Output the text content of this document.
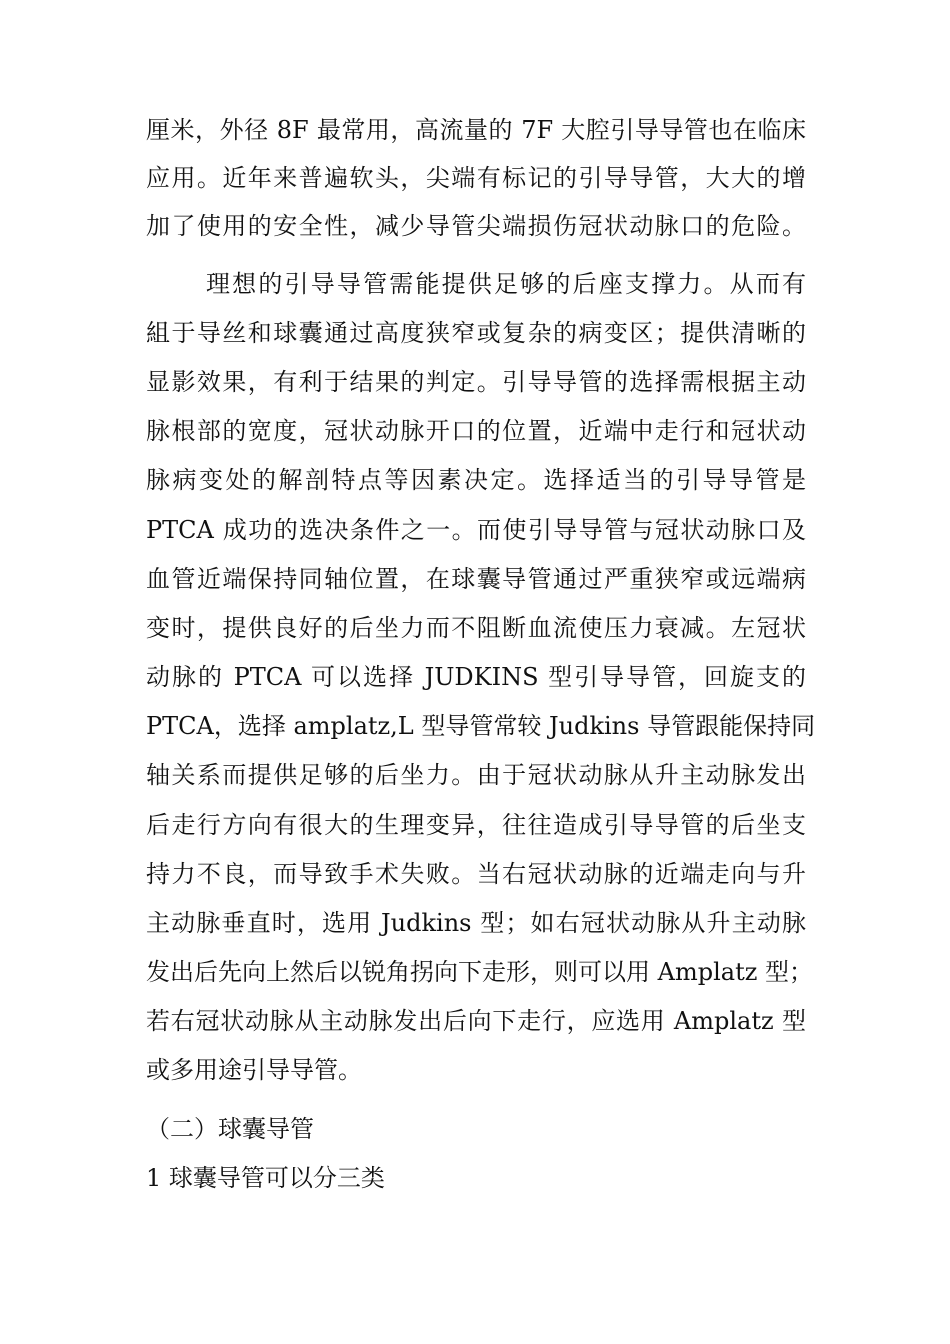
厘米，外径 8F 最常用，高流量的 7F 大腔引导导管也在临床
应用。近年来普遍软头，尖端有标记的引导导管，大大的增
加了使用的安全性，减少导管尖端损伤冠状动脉口的危险。
理想的引导导管需能提供足够的后座支撑力。从而有
組于导丝和球囊通过高度狭窄或复杂的病变区；提供清晰的
显影效果，有利于结果的判定。引导导管的选择需根据主动
脉根部的宽度，冠状动脉开口的位置，近端中走行和冠状动
脉病变处的解剖特点等因素决定。选择适当的引导导管是
PTCA 成功的选决条件之一。而使引导导管与冠状动脉口及
血管近端保持同轴位置，在球囊导管通过严重狭窄或远端病
变时，提供良好的后坐力而不阻断血流使压力衰减。左冠状
动脉的 PTCA 可以选择 JUDKINS 型引导导管，回旋支的
PTCA，选择 amplatz,L 型导管常较 Judkins 导管跟能保持同
轴关系而提供足够的后坐力。由于冠状动脉从升主动脉发出
后走行方向有很大的生理变异，往往造成引导导管的后坐支
持力不良，而导致手术失败。当右冠状动脉的近端走向与升
主动脉垂直时，选用 Judkins 型；如右冠状动脉从升主动脉
发出后先向上然后以锐角拐向下走形，则可以用 Amplatz 型；
若右冠状动脉从主动脉发出后向下走行，应选用 Amplatz 型
或多用途引导导管。
（二）球囊导管
1 球囊导管可以分三类
